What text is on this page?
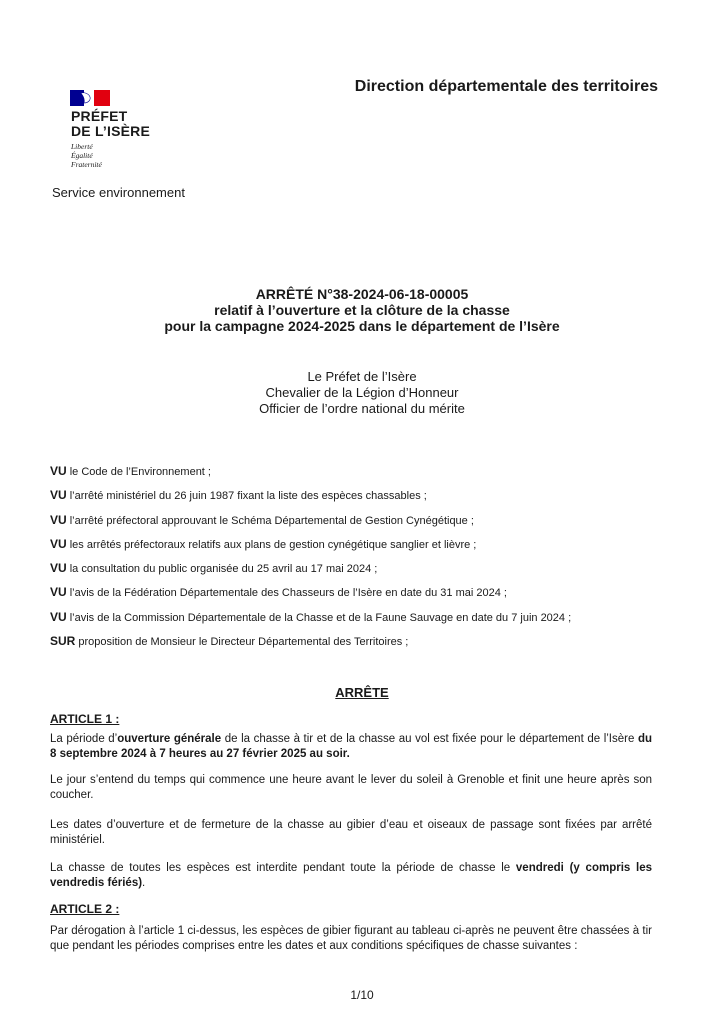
Direction départementale des territoires
PRÉFET
DE L’ISÈRE
Liberté
Égalité
Fraternité
Service environnement
ARRÊTÉ N°38-2024-06-18-00005
relatif à l’ouverture et la clôture de la chasse
pour la campagne 2024-2025 dans le département de l’Isère
Le Préfet de l’Isère
Chevalier de la Légion d’Honneur
Officier de l’ordre national du mérite
VU le Code de l’Environnement ;
VU l’arrêté ministériel du 26 juin 1987 fixant la liste des espèces chassables ;
VU l’arrêté préfectoral approuvant le Schéma Départemental de Gestion Cynégétique ;
VU les arrêtés préfectoraux relatifs aux plans de gestion cynégétique sanglier et lièvre ;
VU la consultation du public organisée du 25 avril au 17 mai 2024 ;
VU l’avis de la Fédération Départementale des Chasseurs de l’Isère en date du 31 mai 2024 ;
VU l’avis de la Commission Départementale de la Chasse et de la Faune Sauvage en date du 7 juin 2024 ;
SUR proposition de Monsieur le Directeur Départemental des Territoires ;
ARRÊTE
ARTICLE 1 :
La période d’ouverture générale de la chasse à tir et de la chasse au vol est fixée pour le département de l’Isère du 8 septembre 2024 à 7 heures au 27 février 2025 au soir.
Le jour s’entend du temps qui commence une heure avant le lever du soleil à Grenoble et finit une heure après son coucher.
Les dates d’ouverture et de fermeture de la chasse au gibier d’eau et oiseaux de passage sont fixées par arrêté ministériel.
La chasse de toutes les espèces est interdite pendant toute la période de chasse le vendredi (y compris les vendredis fériés).
ARTICLE 2 :
Par dérogation à l’article 1 ci-dessus, les espèces de gibier figurant au tableau ci-après ne peuvent être chassées à tir que pendant les périodes comprises entre les dates et aux conditions spécifiques de chasse suivantes :
1/10
